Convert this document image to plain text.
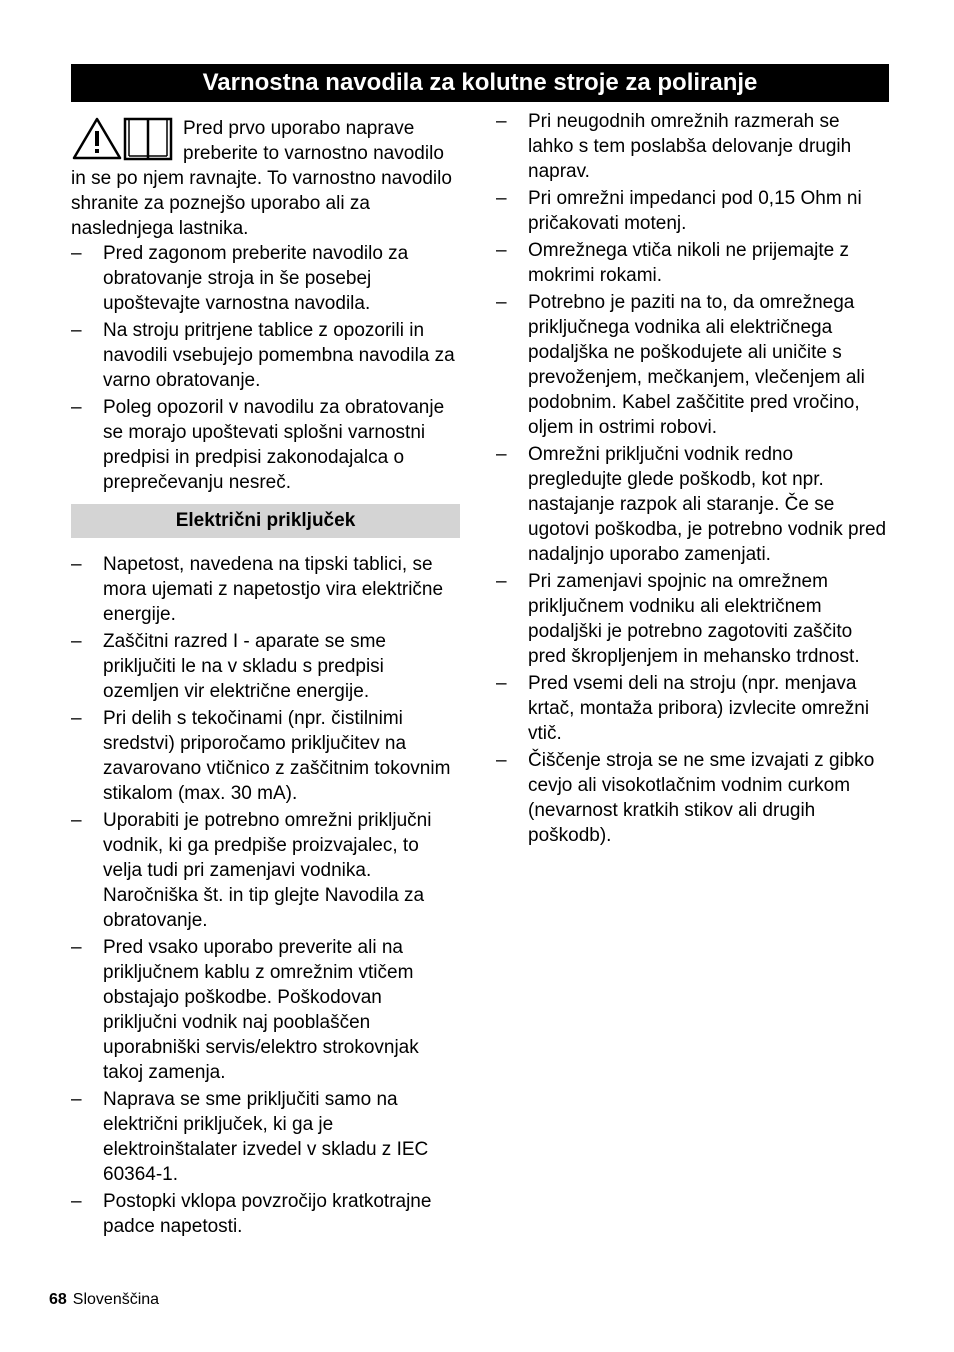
Varnostna navodila za kolutne stroje za poliranje

Pred prvo uporabo naprave preberite to varnostno navodilo in se po njem ravnajte. To varnostno navodilo shranite za poznejšo uporabo ali za naslednjega lastnika.

– Pred zagonom preberite navodilo za obratovanje stroja in še posebej upoštevajte varnostna navodila.
– Na stroju pritrjene tablice z opozorili in navodili vsebujejo pomembna navodila za varno obratovanje.
– Poleg opozoril v navodilu za obratovanje se morajo upoštevati splošni varnostni predpisi in predpisi zakonodajalca o preprečevanju nesreč.
Električni priključek
– Napetost, navedena na tipski tablici, se mora ujemati z napetostjo vira električne energije.
– Zaščitni razred I - aparate se sme priključiti le na v skladu s predpisi ozemljen vir električne energije.
– Pri delih s tekočinami (npr. čistilnimi sredstvi) priporočamo priključitev na zavarovano vtičnico z zaščitnim tokovnim stikalom (max. 30 mA).
– Uporabiti je potrebno omrežni priključni vodnik, ki ga predpiše proizvajalec, to velja tudi pri zamenjavi vodnika. Naročniška št. in tip glejte Navodila za obratovanje.
– Pred vsako uporabo preverite ali na priključnem kablu z omrežnim vtičem obstajajo poškodbe. Poškodovan priključni vodnik naj pooblaščen uporabniški servis/elektro strokovnjak takoj zamenja.
– Naprava se sme priključiti samo na električni priključek, ki ga je elektroinštalater izvedel v skladu z IEC 60364-1.
– Postopki vklopa povzročijo kratkotrajne padce napetosti.
– Pri neugodnih omrežnih razmerah se lahko s tem poslabša delovanje drugih naprav.
– Pri omrežni impedanci pod 0,15 Ohm ni pričakovati motenj.
– Omrežnega vtiča nikoli ne prijemajte z mokrimi rokami.
– Potrebno je paziti na to, da omrežnega priključnega vodnika ali električnega podaljška ne poškodujete ali uničite s prevoženjem, mečkanjem, vlečenjem ali podobnim. Kabel zaščitite pred vročino, oljem in ostrimi robovi.
– Omrežni priključni vodnik redno pregledujte glede poškodb, kot npr. nastajanje razpok ali staranje. Če se ugotovi poškodba, je potrebno vodnik pred nadaljnjo uporabo zamenjati.
– Pri zamenjavi spojnic na omrežnem priključnem vodniku ali električnem podaljški je potrebno zagotoviti zaščito pred škropljenjem in mehansko trdnost.
– Pred vsemi deli na stroju (npr. menjava krtač, montaža pribora) izvlecite omrežni vtič.
– Čiščenje stroja se ne sme izvajati z gibko cevjo ali visokotlačnim vodnim curkom (nevarnost kratkih stikov ali drugih poškodb).
68 Slovenščina
